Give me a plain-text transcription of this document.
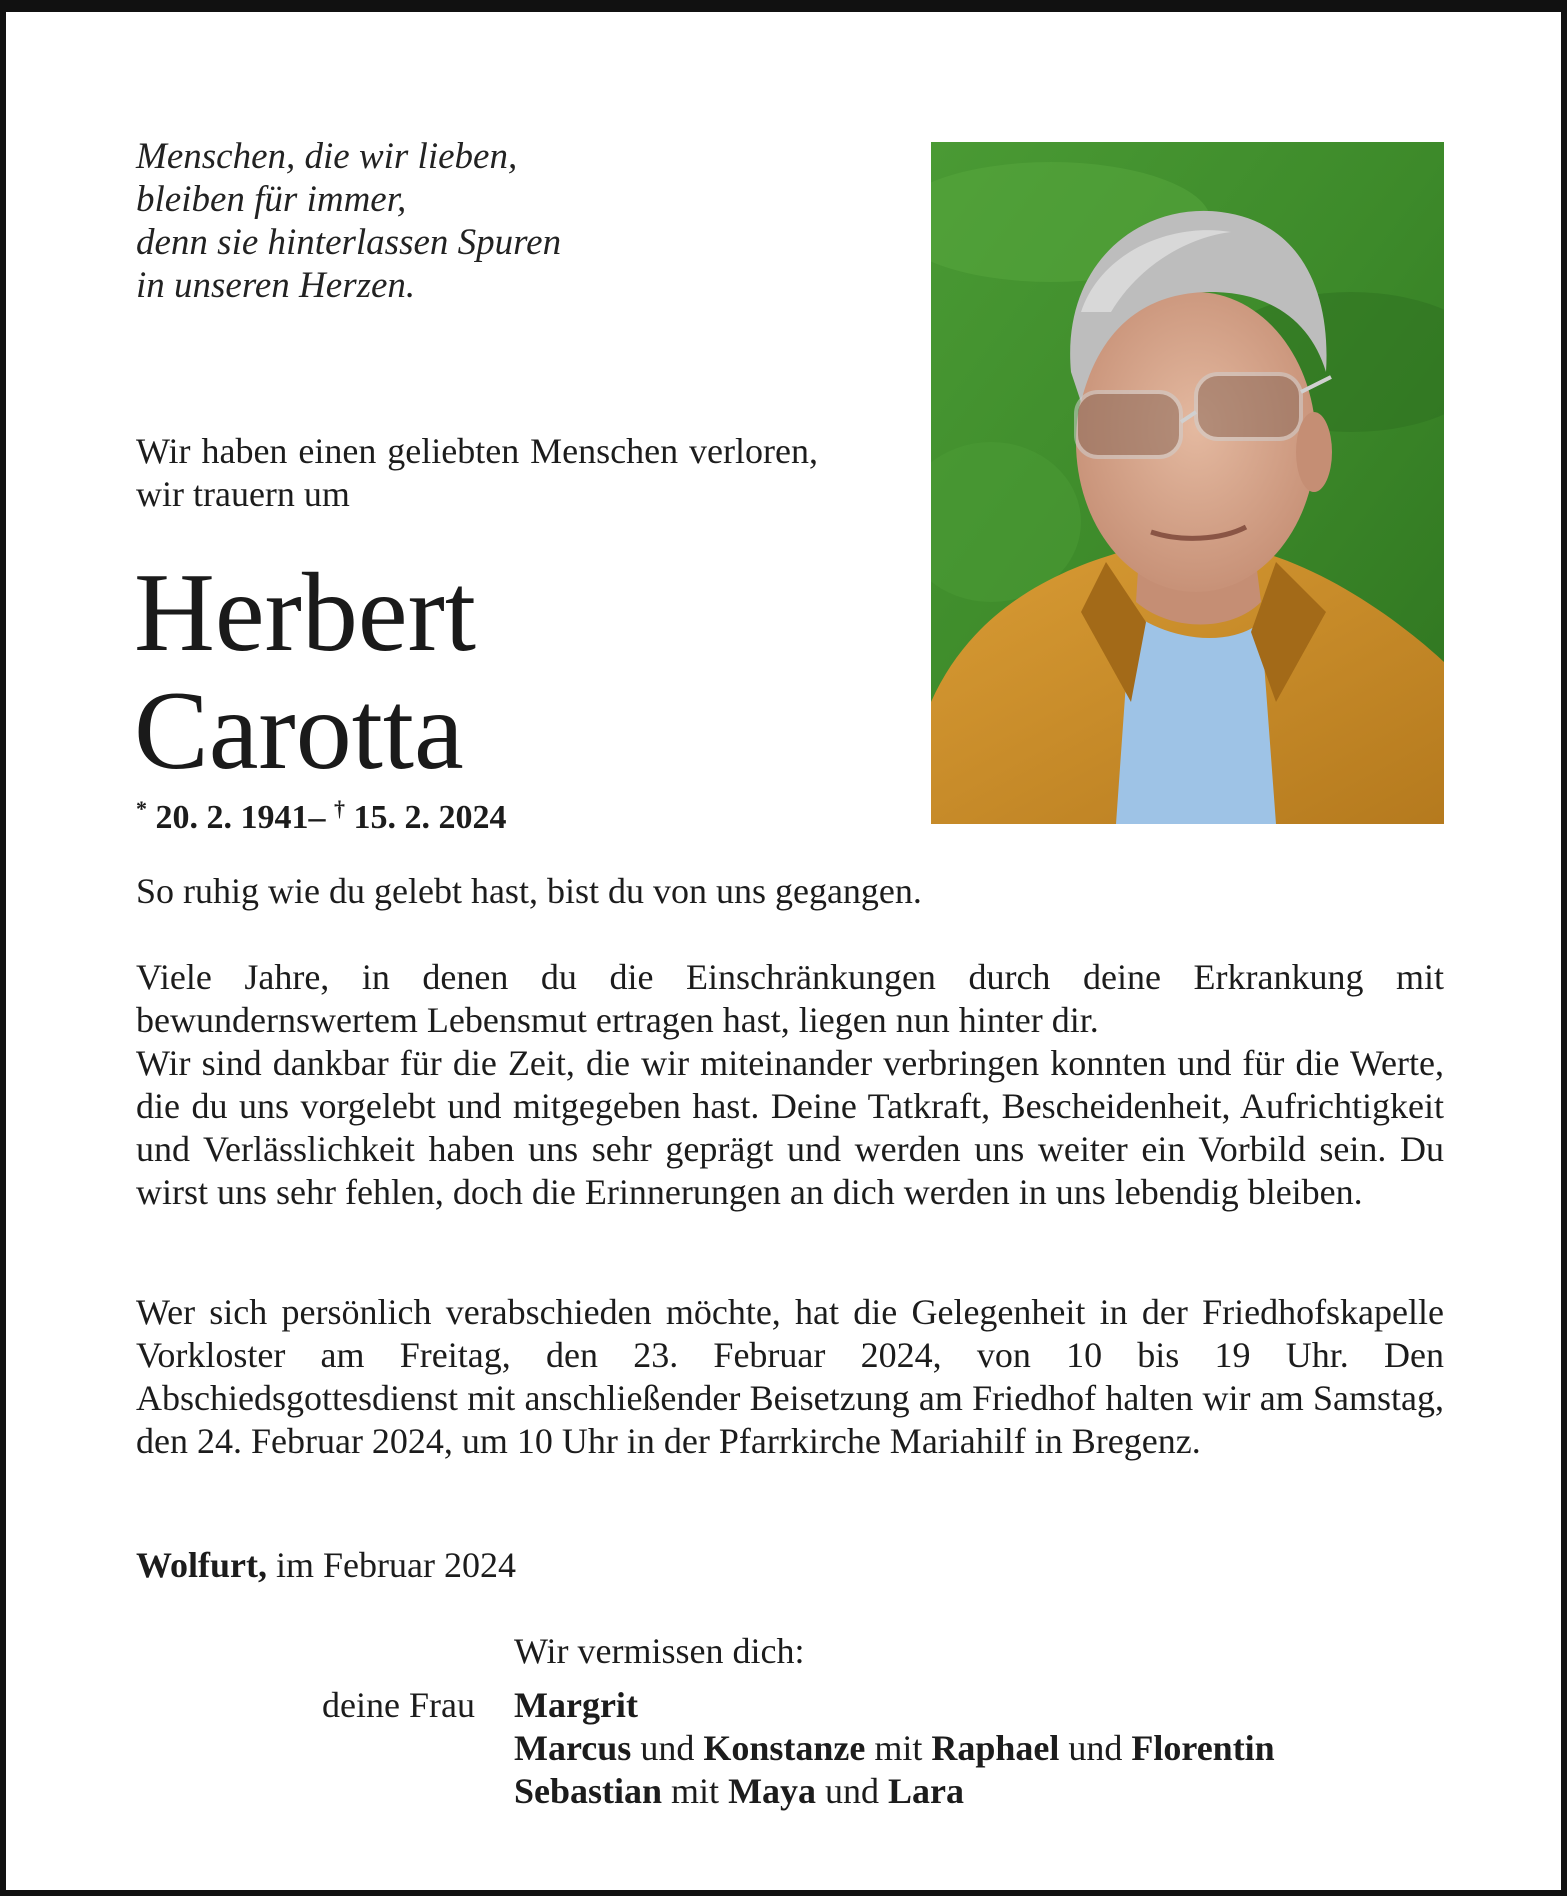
Menschen, die wir lieben,
bleiben für immer,
denn sie hinterlassen Spuren
in unseren Herzen.
Wir haben einen geliebten Menschen verloren, wir trauern um
Herbert
Carotta
* 20. 2. 1941– † 15. 2. 2024
So ruhig wie du gelebt hast, bist du von uns gegangen.
Viele Jahre, in denen du die Einschränkungen durch deine Erkrankung mit bewundernswertem Lebensmut ertragen hast, liegen nun hinter dir.
Wir sind dankbar für die Zeit, die wir miteinander verbringen konnten und für die Werte, die du uns vorgelebt und mitgegeben hast. Deine Tatkraft, Bescheidenheit, Aufrichtigkeit und Verlässlichkeit haben uns sehr geprägt und werden uns weiter ein Vorbild sein. Du wirst uns sehr fehlen, doch die Erinnerungen an dich werden in uns lebendig bleiben.
Wer sich persönlich verabschieden möchte, hat die Gelegenheit in der Friedhofskapelle Vorkloster am Freitag, den 23. Februar 2024, von 10 bis 19 Uhr. Den Abschiedsgottesdienst mit anschließender Beisetzung am Friedhof halten wir am Samstag, den 24. Februar 2024, um 10 Uhr in der Pfarrkirche Mariahilf in Bregenz.
Wolfurt, im Februar 2024
Wir vermissen dich:
deine Frau Margrit
Marcus und Konstanze mit Raphael und Florentin
Sebastian mit Maya und Lara
